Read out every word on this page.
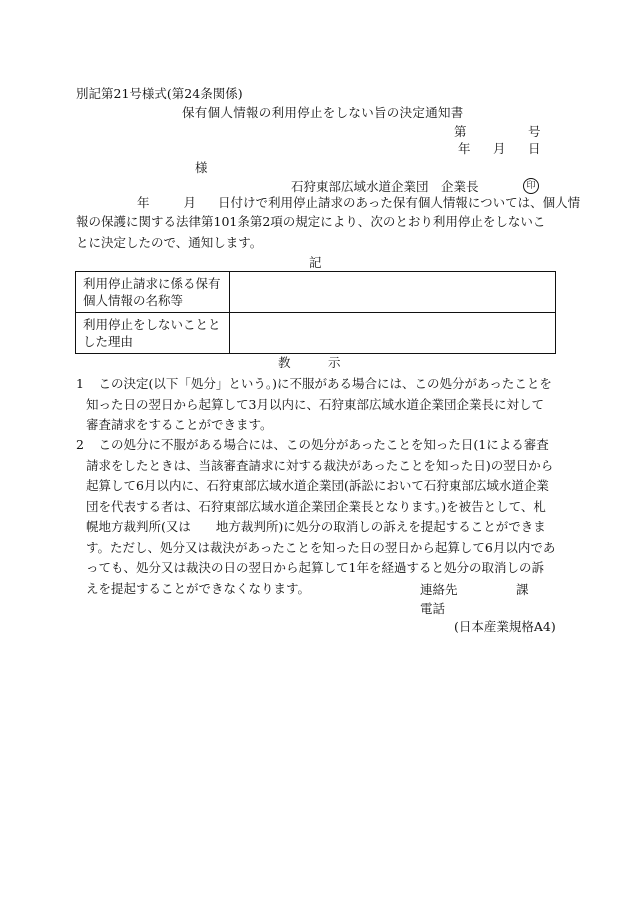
別記第21号様式(第24条関係)
保有個人情報の利用停止をしない旨の決定通知書
第	号
年 月 日
様
石狩東部広域水道企業団　企業長	印
年	月 日付けで利用停止請求のあった保有個人情報については、個人情
報の保護に関する法律第101条第2項の規定により、次のとおり利用停止をしないことに決定したので、通知します。
記
利用停止請求に係る保有個人情報の名称等	
利用停止をしないこととした理由	
教　　　示
1 　この決定(以下「処分」という。)に不服がある場合には、この処分があったことを知った日の翌日から起算して3月以内に、石狩東部広域水道企業団企業長に対して審査請求をすることができます。
2 　この処分に不服がある場合には、この処分があったことを知った日(1による審査請求をしたときは、当該審査請求に対する裁決があったことを知った日)の翌日から起算して6月以内に、石狩東部広域水道企業団(訴訟において石狩東部広域水道企業団を代表する者は、石狩東部広域水道企業団企業長となります。)を被告として、札幌地方裁判所(又は　　地方裁判所)に処分の取消しの訴えを提起することができます。ただし、処分又は裁決があったことを知った日の翌日から起算して6月以内であっても、処分又は裁決の日の翌日から起算して1年を経過すると処分の取消しの訴えを提起することができなくなります。	連絡先	課
電話
(日本産業規格A4)
